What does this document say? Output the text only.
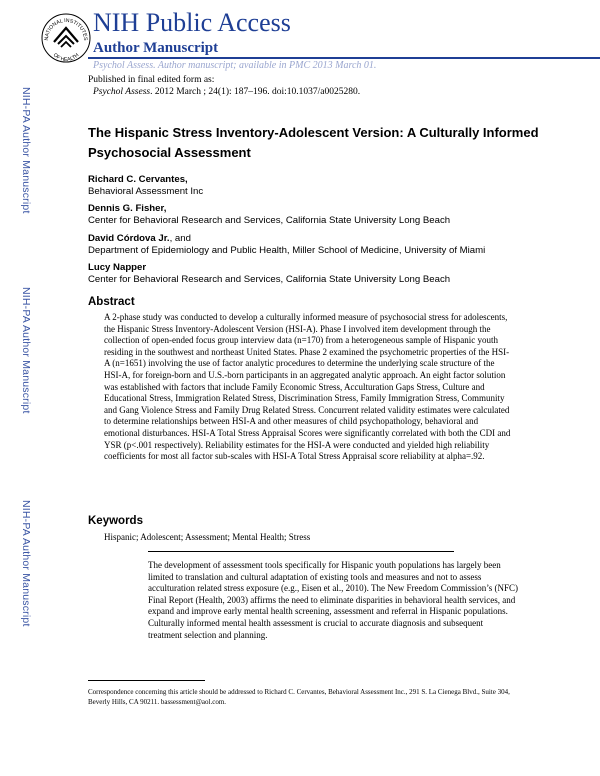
NATIONAL INSTITUTES
OF HEALTH
NIH Public Access
Author Manuscript
Psychol Assess. Author manuscript; available in PMC 2013 March 01.
Published in final edited form as:
Psychol Assess. 2012 March ; 24(1): 187–196. doi:10.1037/a0025280.
NIH-PA Author Manuscript
NIH-PA Author Manuscript
NIH-PA Author Manuscript
The Hispanic Stress Inventory-Adolescent Version: A Culturally Informed Psychosocial Assessment
Richard C. Cervantes,
Behavioral Assessment Inc
Dennis G. Fisher,
Center for Behavioral Research and Services, California State University Long Beach
David Córdova Jr., and
Department of Epidemiology and Public Health, Miller School of Medicine, University of Miami
Lucy Napper
Center for Behavioral Research and Services, California State University Long Beach
Abstract
A 2-phase study was conducted to develop a culturally informed measure of psychosocial stress for adolescents, the Hispanic Stress Inventory-Adolescent Version (HSI-A). Phase I involved item development through the collection of open-ended focus group interview data (n=170) from a heterogeneous sample of Hispanic youth residing in the southwest and northeast United States. Phase 2 examined the psychometric properties of the HSI-A (n=1651) involving the use of factor analytic procedures to determine the underlying scale structure of the HSI-A, for foreign-born and U.S.-born participants in an aggregated analytic approach. An eight factor solution was established with factors that include Family Economic Stress, Acculturation Gaps Stress, Culture and Educational Stress, Immigration Related Stress, Discrimination Stress, Family Immigration Stress, Community and Gang Violence Stress and Family Drug Related Stress. Concurrent related validity estimates were calculated to determine relationships between HSI-A and other measures of child psychopathology, behavioral and emotional disturbances. HSI-A Total Stress Appraisal Scores were significantly correlated with both the CDI and YSR (p<.001 respectively). Reliability estimates for the HSI-A were conducted and yielded high reliability coefficients for most all factor sub-scales with HSI-A Total Stress Appraisal score reliability at alpha=.92.
Keywords
Hispanic; Adolescent; Assessment; Mental Health; Stress
The development of assessment tools specifically for Hispanic youth populations has largely been limited to translation and cultural adaptation of existing tools and measures and not to assess acculturation related stress exposure (e.g., Eisen et al., 2010). The New Freedom Commission’s (NFC) Final Report (Health, 2003) affirms the need to eliminate disparities in behavioral health services, and expand and improve early mental health screening, assessment and referral in Hispanic populations. Culturally informed mental health assessment is crucial to accurate diagnosis and subsequent treatment selection and planning.
Correspondence concerning this article should be addressed to Richard C. Cervantes, Behavioral Assessment Inc., 291 S. La Cienega Blvd., Suite 304, Beverly Hills, CA 90211. bassessment@aol.com.
